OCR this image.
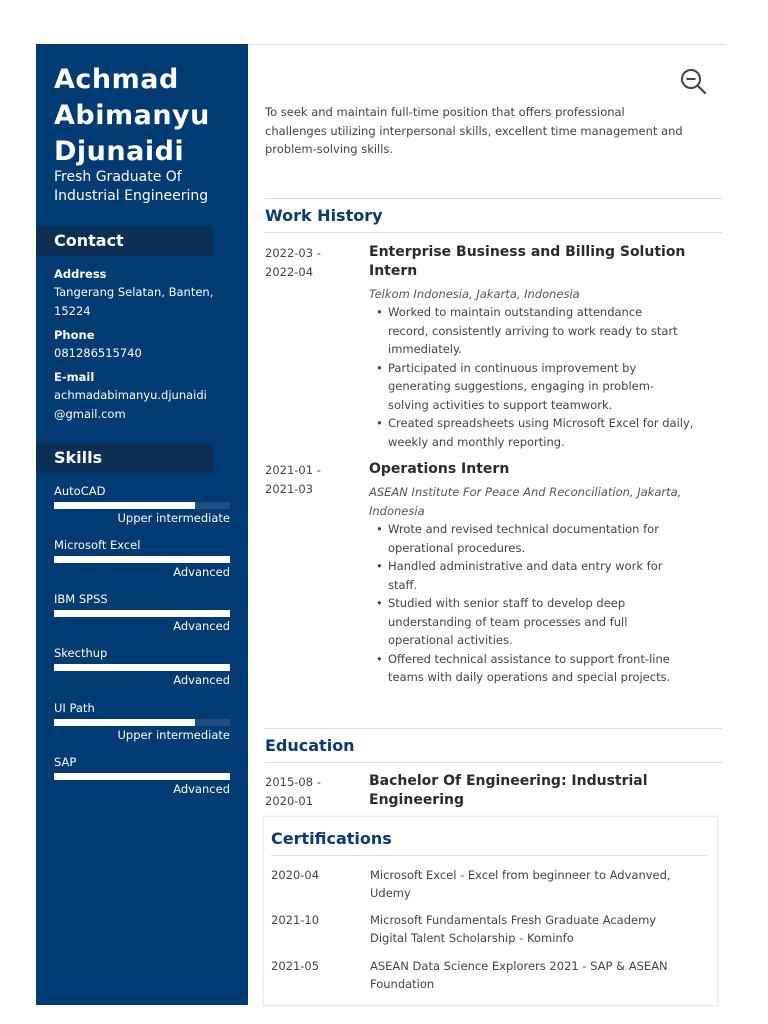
Achmad
Abimanyu
Djunaidi
Fresh Graduate Of
Industrial Engineering
Contact
Address
Tangerang Selatan, Banten,
15224
Phone
081286515740
E-mail
achmadabimanyu.djunaidi
@gmail.com
Skills
AutoCAD
Upper intermediate
Microsoft Excel
Advanced
IBM SPSS
Advanced
Skecthup
Advanced
UI Path
Upper intermediate
SAP
Advanced
To seek and maintain full-time position that offers professional
challenges utilizing interpersonal skills, excellent time management and
problem-solving skills.
Work History
2022-03 -
2022-04
Enterprise Business and Billing Solution
Intern
Telkom Indonesia, Jakarta, Indonesia
• Worked to maintain outstanding attendance
record, consistently arriving to work ready to start
immediately.
• Participated in continuous improvement by
generating suggestions, engaging in problem-
solving activities to support teamwork.
• Created spreadsheets using Microsoft Excel for daily,
weekly and monthly reporting.
2021-01 -
2021-03
Operations Intern
ASEAN Institute For Peace And Reconciliation, Jakarta,
Indonesia
• Wrote and revised technical documentation for
operational procedures.
• Handled administrative and data entry work for
staff.
• Studied with senior staff to develop deep
understanding of team processes and full
operational activities.
• Offered technical assistance to support front-line
teams with daily operations and special projects.
Education
2015-08 -
2020-01
Bachelor Of Engineering: Industrial
Engineering
Certifications
2020-04	Microsoft Excel - Excel from beginneer to Advanved,
Udemy
2021-10	Microsoft Fundamentals Fresh Graduate Academy
Digital Talent Scholarship - Kominfo
2021-05	ASEAN Data Science Explorers 2021 - SAP & ASEAN
Foundation
